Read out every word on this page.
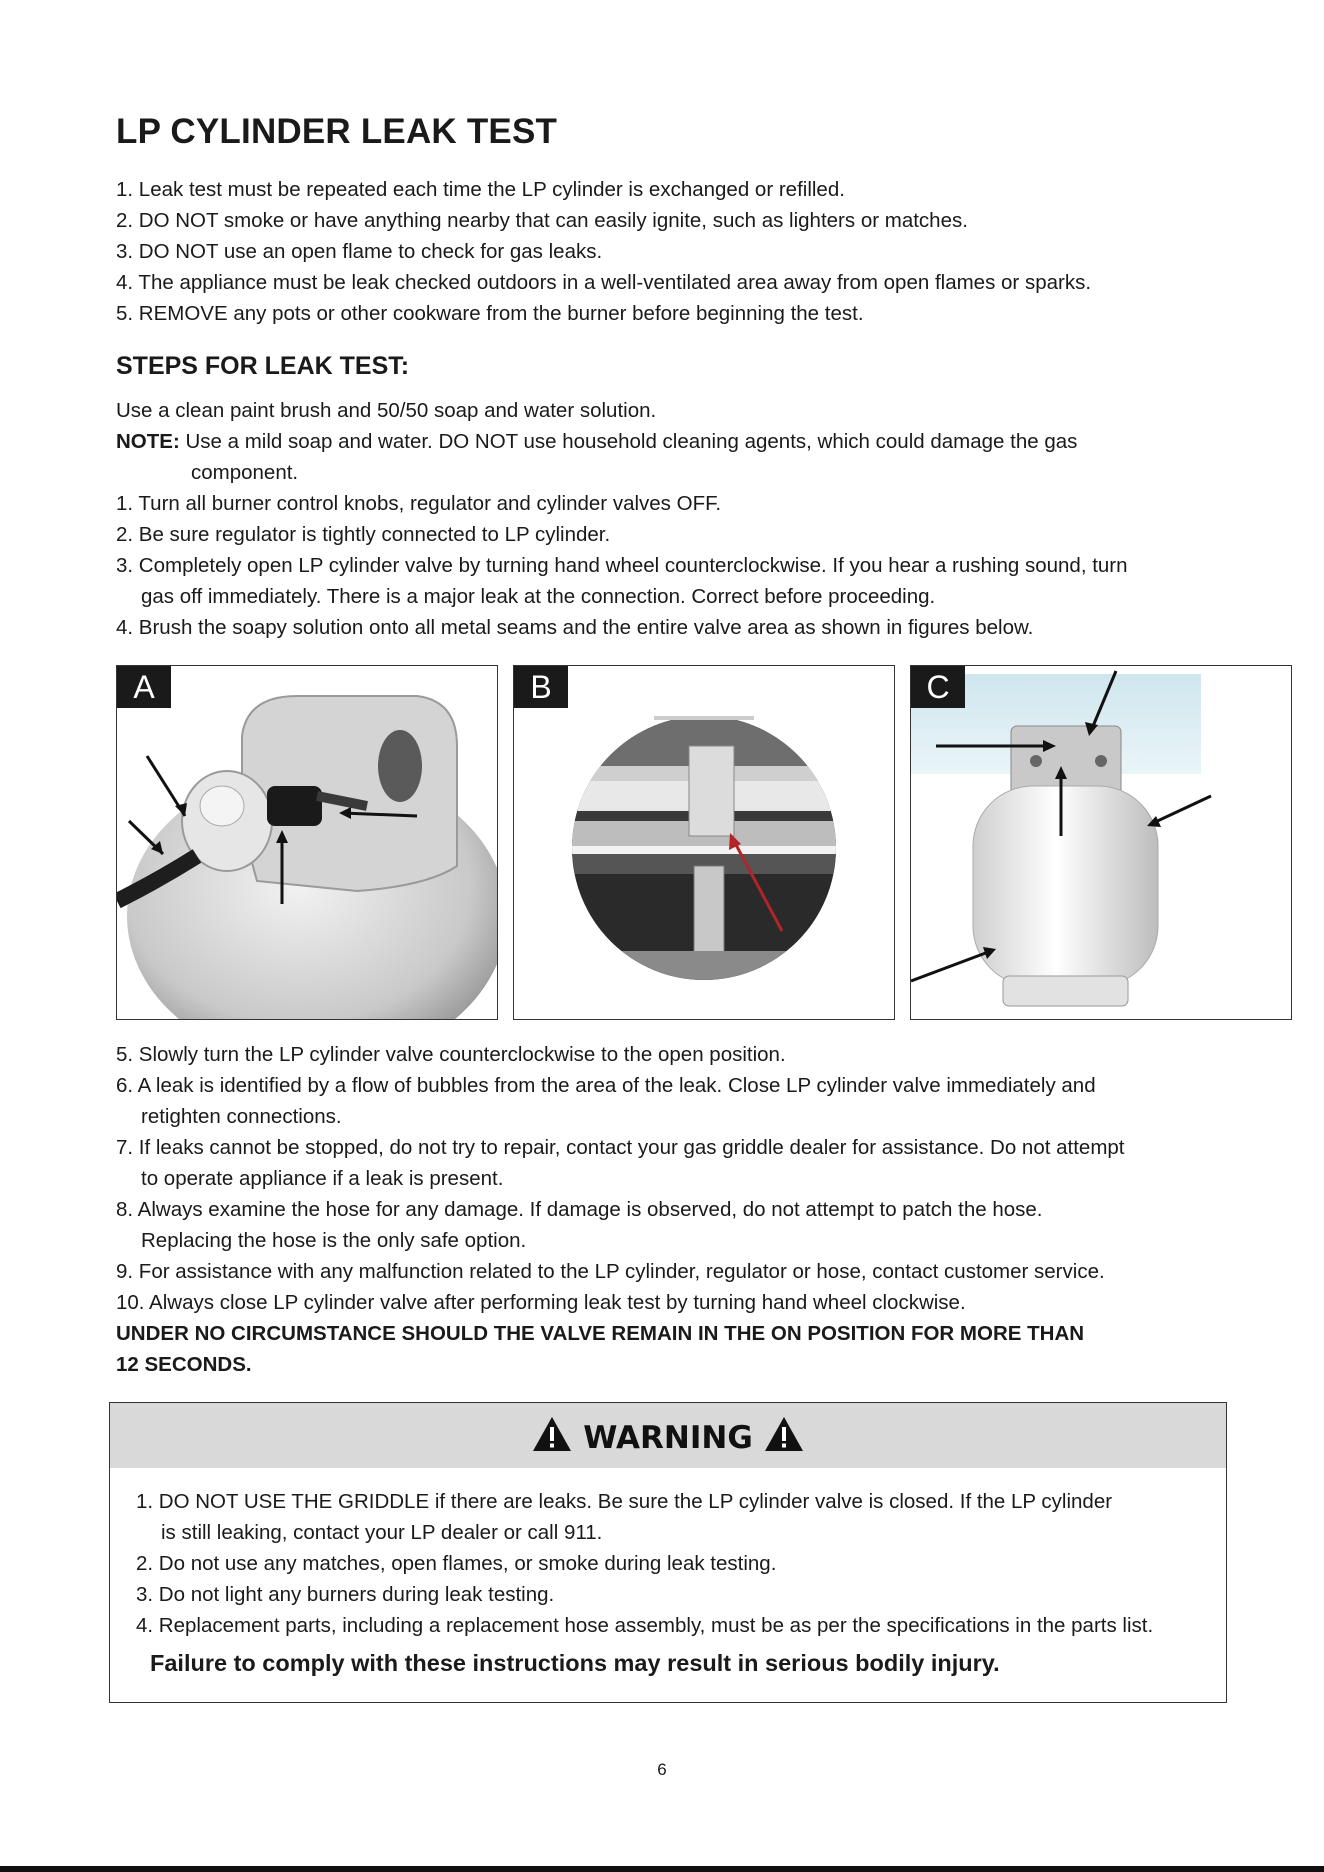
LP CYLINDER LEAK TEST
1. Leak test must be repeated each time the LP cylinder is exchanged or refilled.
2. DO NOT smoke or have anything nearby that can easily ignite, such as lighters or matches.
3. DO NOT use an open flame to check for gas leaks.
4. The appliance must be leak checked outdoors in a well-ventilated area away from open flames or sparks.
5. REMOVE any pots or other cookware from the burner before beginning the test.
STEPS FOR LEAK TEST:

Use a clean paint brush and 50/50 soap and water solution.

NOTE: Use a mild soap and water. DO NOT use household cleaning agents, which could damage the gas

component.

1. Turn all burner control knobs, regulator and cylinder valves OFF.

2. Be sure regulator is tightly connected to LP cylinder.

3. Completely open LP cylinder valve by turning hand wheel counterclockwise. If you hear a rushing sound, turn

gas off immediately. There is a major leak at the connection. Correct before proceeding.

4. Brush the soapy solution onto all metal seams and the entire valve area as shown in figures below.

A	B	C

5. Slowly turn the LP cylinder valve counterclockwise to the open position.

6. A leak is identified by a flow of bubbles from the area of the leak. Close LP cylinder valve immediately and

retighten connections.

7. If leaks cannot be stopped, do not try to repair, contact your gas griddle dealer for assistance. Do not attempt

to operate appliance if a leak is present.

8. Always examine the hose for any damage. If damage is observed, do not attempt to patch the hose.

Replacing the hose is the only safe option.

9. For assistance with any malfunction related to the LP cylinder, regulator or hose, contact customer service.

10. Always close LP cylinder valve after performing leak test by turning hand wheel clockwise.

UNDER NO CIRCUMSTANCE SHOULD THE VALVE REMAIN IN THE ON POSITION FOR MORE THAN

12 SECONDS.

WARNING

1. DO NOT USE THE GRIDDLE if there are leaks. Be sure the LP cylinder valve is closed. If the LP cylinder

is still leaking, contact your LP dealer or call 911.

2. Do not use any matches, open flames, or smoke during leak testing.

3. Do not light any burners during leak testing.

4. Replacement parts, including a replacement hose assembly, must be as per the specifications in the parts list.

Failure to comply with these instructions may result in serious bodily injury.
6
